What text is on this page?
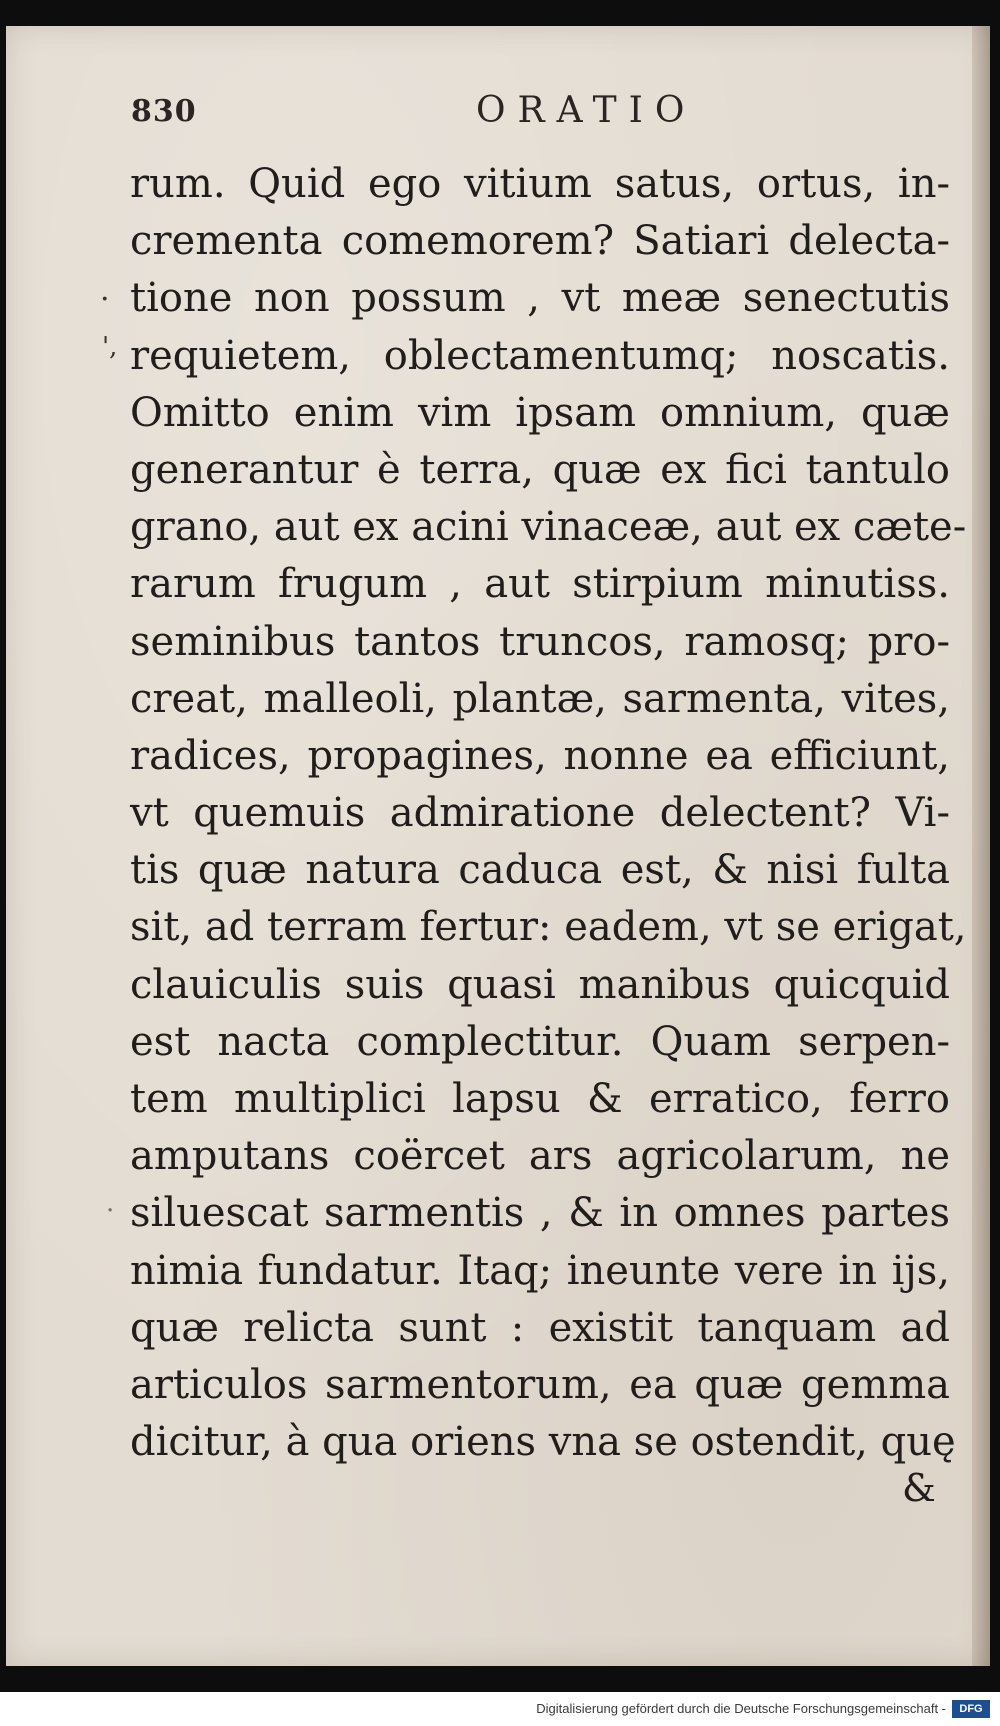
830	ORATIO
·
',
·
rum. Quid ego vitium satus, ortus, in-
crementa comemorem? Satiari delecta-
tione non possum , vt meæ senectutis
requietem, oblectamentumq; noscatis.
Omitto enim vim ipsam omnium, quæ
generantur è terra, quæ ex fici tantulo
grano, aut ex acini vinaceæ, aut ex cæte-
rarum frugum , aut stirpium minutiss.
seminibus tantos truncos, ramosq; pro-
creat, malleoli, plantæ, sarmenta, vites,
radices, propagines, nonne ea efficiunt,
vt quemuis admiratione delectent? Vi-
tis quæ natura caduca est, & nisi fulta
sit, ad terram fertur: eadem, vt se erigat,
clauiculis suis quasi manibus quicquid
est nacta complectitur. Quam serpen-
tem multiplici lapsu & erratico, ferro
amputans coërcet ars agricolarum, ne
siluescat sarmentis , & in omnes partes
nimia fundatur. Itaq; ineunte vere in ijs,
quæ relicta sunt : existit tanquam ad
articulos sarmentorum, ea quæ gemma
dicitur, à qua oriens vna se ostendit, quę
&
Digitalisierung gefördert durch die Deutsche Forschungsgemeinschaft -	DFG
